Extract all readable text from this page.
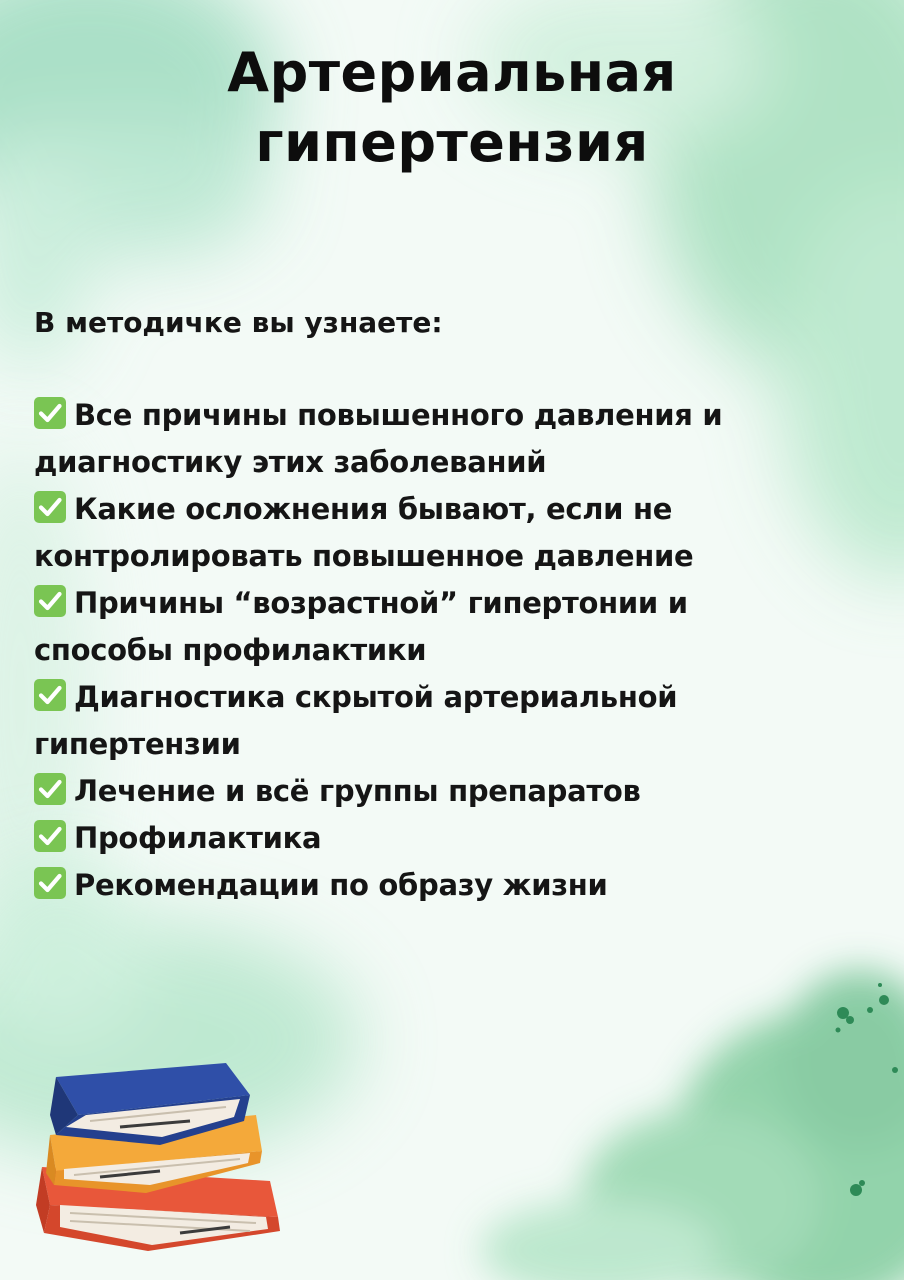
Артериальная
гипертензия
В методичке вы узнаете:
Все причины повышенного давления и
диагностику этих заболеваний
Какие осложнения бывают, если не
контролировать повышенное давление
Причины “возрастной” гипертонии и
способы профилактики
Диагностика скрытой артериальной
гипертензии
Лечение и всё группы препаратов
Профилактика
Рекомендации по образу жизни
